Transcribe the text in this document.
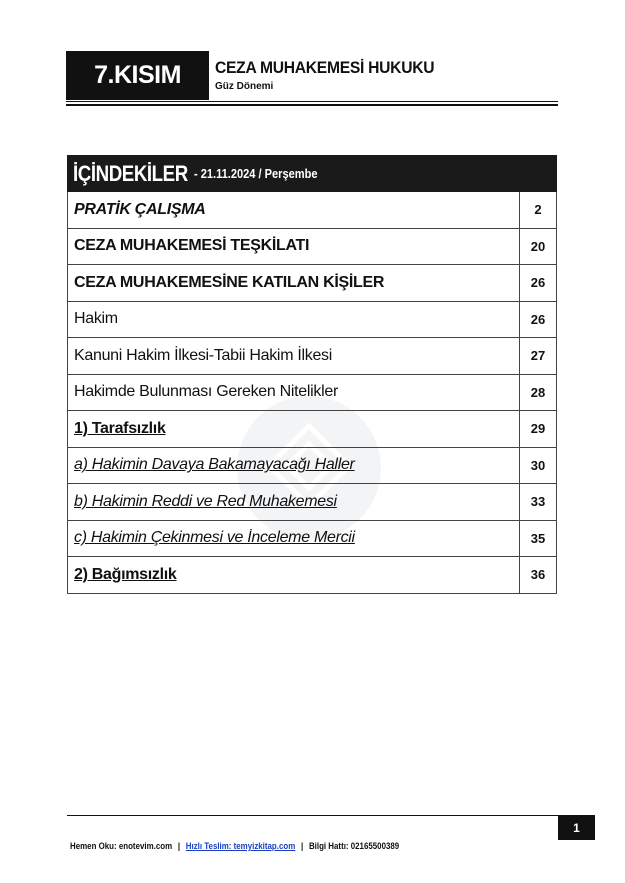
7.KISIM	CEZA MUHAKEMESİ HUKUKU
Güz Dönemi
İÇİNDEKİLER - 21.11.2024 / Perşembe
PRATİK ÇALIŞMA	2
CEZA MUHAKEMESİ TEŞKİLATI	20
CEZA MUHAKEMESİNE KATILAN KİŞİLER	26
Hakim	26
Kanuni Hakim İlkesi-Tabii Hakim İlkesi	27
Hakimde Bulunması Gereken Nitelikler	28
1) Tarafsızlık	29
a) Hakimin Davaya Bakamayacağı Haller	30
b) Hakimin Reddi ve Red Muhakemesi	33
c) Hakimin Çekinmesi ve İnceleme Mercii	35
2) Bağımsızlık	36
1
Hemen Oku: enotevim.com | Hızlı Teslim: temyizkitap.com | Bilgi Hattı: 02165500389
